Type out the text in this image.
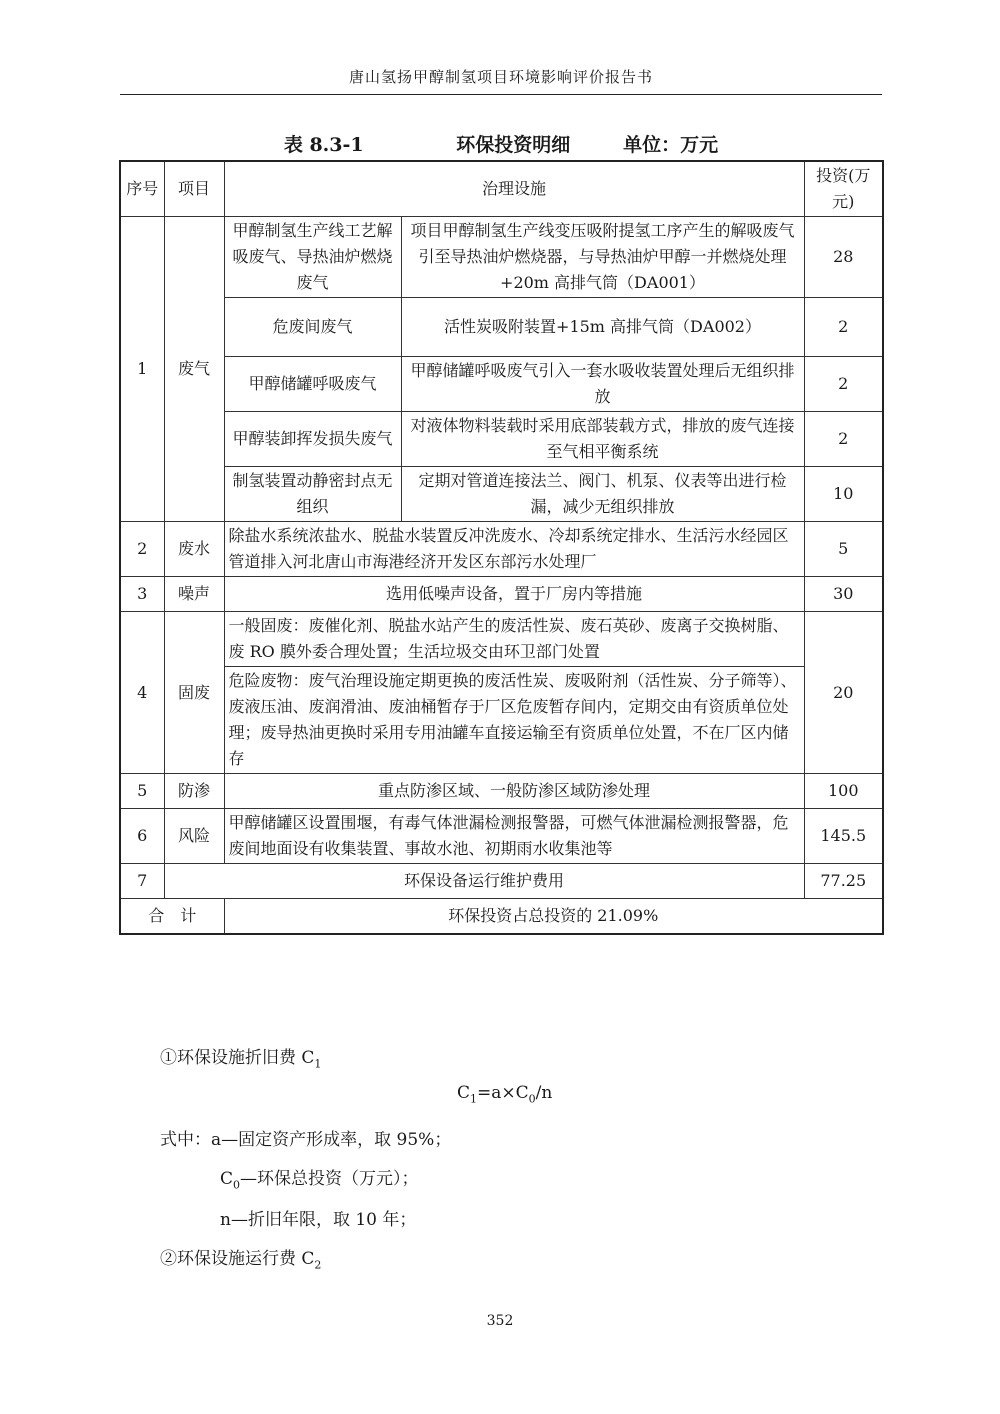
唐山氢扬甲醇制氢项目环境影响评价报告书
表 8.3-1	环保投资明细	单位：万元
序号	项目	治理设施		投资(万元)
1	废气	甲醇制氢生产线工艺解吸废气、导热油炉燃烧废气	项目甲醇制氢生产线变压吸附提氢工序产生的解吸废气引至导热油炉燃烧器，与导热油炉甲醇一并燃烧处理+20m 高排气筒（DA001）	28
		危废间废气	活性炭吸附装置+15m 高排气筒（DA002）	2
		甲醇储罐呼吸废气	甲醇储罐呼吸废气引入一套水吸收装置处理后无组织排放	2
		甲醇装卸挥发损失废气	对液体物料装载时采用底部装载方式，排放的废气连接至气相平衡系统	2
		制氢装置动静密封点无组织	定期对管道连接法兰、阀门、机泵、仪表等出进行检漏，减少无组织排放	10
2	废水	除盐水系统浓盐水、脱盐水装置反冲洗废水、冷却系统定排水、生活污水经园区管道排入河北唐山市海港经济开发区东部污水处理厂		5
3	噪声	选用低噪声设备，置于厂房内等措施		30
4	固废	一般固废：废催化剂、脱盐水站产生的废活性炭、废石英砂、废离子交换树脂、废 RO 膜外委合理处置；生活垃圾交由环卫部门处置		20
		危险废物：废气治理设施定期更换的废活性炭、废吸附剂（活性炭、分子筛等）、废液压油、废润滑油、废油桶暂存于厂区危废暂存间内，定期交由有资质单位处理；废导热油更换时采用专用油罐车直接运输至有资质单位处置，不在厂区内储存		
5	防渗	重点防渗区域、一般防渗区域防渗处理		100
6	风险	甲醇储罐区设置围堰，有毒气体泄漏检测报警器，可燃气体泄漏检测报警器，危废间地面设有收集装置、事故水池、初期雨水收集池等		145.5
7	环保设备运行维护费用			77.25
合　计		环保投资占总投资的 21.09%		
①环保设施折旧费 $C_1$
$C_1=a\times C_0/n$
式中：a—固定资产形成率，取 95%；
$C_0—$环保总投资（万元）；
n—折旧年限，取 10 年；
②环保设施运行费 $C_2$
352
